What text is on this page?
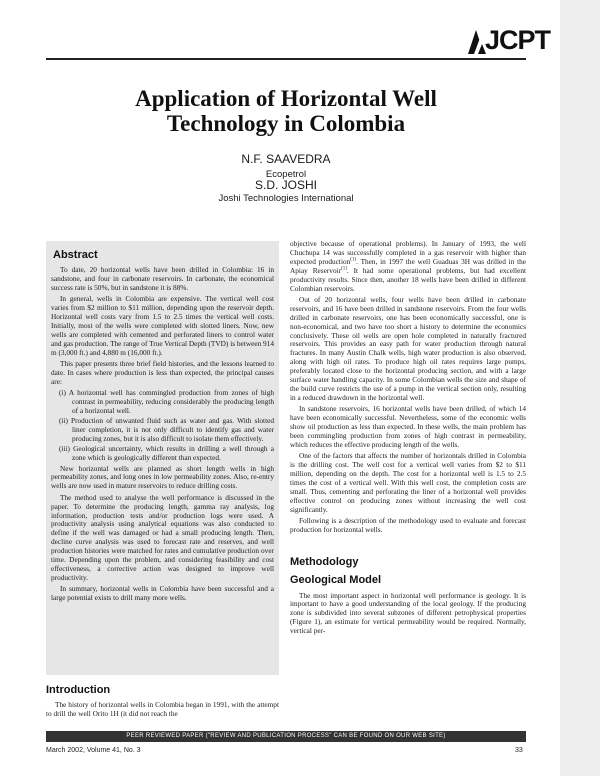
JCPT
Application of Horizontal Well
Technology in Colombia

N.F. SAAVEDRA

Ecopetrol

S.D. JOSHI

Joshi Technologies International

Abstract

To date, 20 horizontal wells have been drilled in Colombia: 16 in sandstone, and four in carbonate reservoirs. In carbonate, the economical success rate is 50%, but in sandstone it is 88%.

In general, wells in Colombia are expensive. The vertical well cost varies from $2 million to $11 million, depending upon the reservoir depth. Horizontal well costs vary from 1.5 to 2.5 times the vertical well costs. Initially, most of the wells were completed with slotted liners. Now, new wells are completed with cemented and perforated liners to control water and gas production. The range of True Vertical Depth (TVD) is between 914 m (3,000 ft.) and 4,880 m (16,000 ft.).

This paper presents three brief field histories, and the lessons learned to date. In cases where production is less than expected, the principal causes are:

(i) A horizontal well has commingled production from zones of high contrast in permeability, reducing considerably the producing length of a horizontal well.
(ii) Production of unwanted fluid such as water and gas. With slotted liner completion, it is not only difficult to identify gas and water producing zones, but it is also difficult to isolate them effectively.
(iii) Geological uncertainty, which results in drilling a well through a zone which is geologically different than expected.

New horizontal wells are planned as short length wells in high permeability zones, and long ones in low permeability zones. Also, re-entry wells are now used in mature reservoirs to reduce drilling costs.

The method used to analyse the well performance is discussed in the paper. To determine the producing length, gamma ray analysis, log information, production tests and/or production logs were used. A productivity analysis using analytical equations was also conducted to define if the well was damaged or had a small producing length. Then, decline curve analysis was used to forecast rate and reserves, and well production histories were matched for rates and cumulative production over time. Depending upon the problem, and considering feasibility and cost effectiveness, a corrective action was designed to improve well productivity.

In summary, horizontal wells in Colombia have been successful and a large potential exists to drill many more wells.

Introduction

The history of horizontal wells in Colombia began in 1991, with the attempt to drill the well Orito 1H (it did not reach the

objective because of operational problems). In January of 1993, the well Chuchupa 14 was successfully completed in a gas reservoir with higher than expected production$^{(1)}$. Then, in 1997 the well Guaduas 3H was drilled in the Apiay Reservoir$^{(1)}$. It had some operational problems, but had excellent productivity results. Since then, another 18 wells have been drilled in different Colombian reservoirs.

Out of 20 horizontal wells, four wells have been drilled in carbonate reservoirs, and 16 have been drilled in sandstone reservoirs. From the four wells drilled in carbonate reservoirs, one has been economically successful, one is non-economical, and two have too short a history to determine the economics conclusively. These oil wells are open hole completed in naturally fractured reservoirs. This provides an easy path for water production through natural fractures. In many Austin Chalk wells, high water production is also observed, along with high oil rates. To produce high oil rates requires large pumps, preferably located close to the horizontal producing section, and with a large surface water handling capacity. In some Colombian wells the size and shape of the build curve restricts the use of a pump in the vertical section only, resulting in a reduced drawdown in the horizontal well.

In sandstone reservoirs, 16 horizontal wells have been drilled, of which 14 have been economically successful. Nevertheless, some of the economic wells show oil production as less than expected. In these wells, the main problem has been commingling production from zones of high contrast in permeability, which reduces the effective producing length of the wells.

One of the factors that affects the number of horizontals drilled in Colombia is the drilling cost. The well cost for a vertical well varies from $2 to $11 million, depending on the depth. The cost for a horizontal well is 1.5 to 2.5 times the cost of a vertical well. With this well cost, the completion costs are small. Thus, cementing and perforating the liner of a horizontal well provides effective control on producing zones without increasing the well cost significantly.

Following is a description of the methodology used to evaluate and forecast production for horizontal wells.

Methodology
Geological Model

The most important aspect in horizontal well performance is geology. It is important to have a good understanding of the local geology. If the producing zone is subdivided into several subzones of different petrophysical properties (Figure 1), an estimate for vertical permeability would be required. Normally, vertical per-

PEER REVIEWED PAPER ("REVIEW AND PUBLICATION PROCESS" CAN BE FOUND ON OUR WEB SITE)
March 2002, Volume 41, No. 3	33
